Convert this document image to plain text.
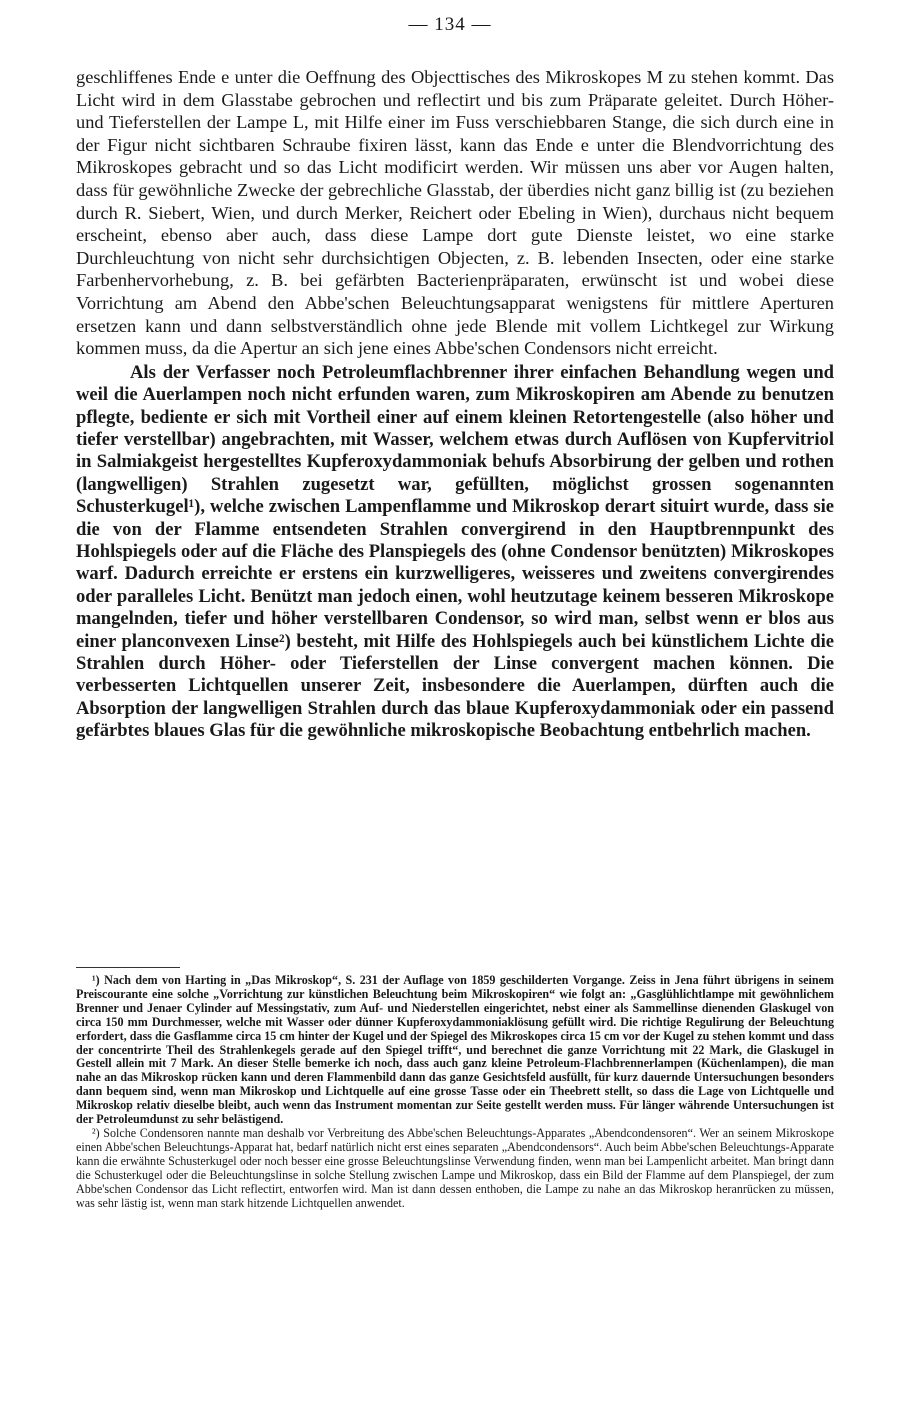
— 134 —

geschliffenes Ende e unter die Oeffnung des Objecttisches des Mikroskopes M zu stehen kommt. Das Licht wird in dem Glasstabe gebrochen und reflectirt und bis zum Präparate geleitet. Durch Höher- und Tieferstellen der Lampe L, mit Hilfe einer im Fuss verschiebbaren Stange, die sich durch eine in der Figur nicht sichtbaren Schraube fixiren lässt, kann das Ende e unter die Blendvorrichtung des Mikroskopes gebracht und so das Licht modificirt werden. Wir müssen uns aber vor Augen halten, dass für gewöhnliche Zwecke der gebrechliche Glasstab, der überdies nicht ganz billig ist (zu beziehen durch R. Siebert, Wien, und durch Merker, Reichert oder Ebeling in Wien), durchaus nicht bequem erscheint, ebenso aber auch, dass diese Lampe dort gute Dienste leistet, wo eine starke Durchleuchtung von nicht sehr durchsichtigen Objecten, z. B. lebenden Insecten, oder eine starke Farbenhervorhebung, z. B. bei gefärbten Bacterienpräparaten, erwünscht ist und wobei diese Vorrichtung am Abend den Abbe'schen Beleuchtungsapparat wenigstens für mittlere Aperturen ersetzen kann und dann selbstverständlich ohne jede Blende mit vollem Lichtkegel zur Wirkung kommen muss, da die Apertur an sich jene eines Abbe'schen Condensors nicht erreicht.

Als der Verfasser noch Petroleumflachbrenner ihrer einfachen Behandlung wegen und weil die Auerlampen noch nicht erfunden waren, zum Mikroskopiren am Abende zu benutzen pflegte, bediente er sich mit Vortheil einer auf einem kleinen Retortengestelle (also höher und tiefer verstellbar) angebrachten, mit Wasser, welchem etwas durch Auflösen von Kupfervitriol in Salmiakgeist hergestelltes Kupferoxydammoniak behufs Absorbirung der gelben und rothen (langwelligen) Strahlen zugesetzt war, gefüllten, möglichst grossen sogenannten Schusterkugel¹), welche zwischen Lampenflamme und Mikroskop derart situirt wurde, dass sie die von der Flamme entsendeten Strahlen convergirend in den Hauptbrennpunkt des Hohlspiegels oder auf die Fläche des Planspiegels des (ohne Condensor benützten) Mikroskopes warf. Dadurch erreichte er erstens ein kurzwelligeres, weisseres und zweitens convergirendes oder paralleles Licht. Benützt man jedoch einen, wohl heutzutage keinem besseren Mikroskope mangelnden, tiefer und höher verstellbaren Condensor, so wird man, selbst wenn er blos aus einer planconvexen Linse²) besteht, mit Hilfe des Hohlspiegels auch bei künstlichem Lichte die Strahlen durch Höher- oder Tieferstellen der Linse convergent machen können. Die verbesserten Lichtquellen unserer Zeit, insbesondere die Auerlampen, dürften auch die Absorption der langwelligen Strahlen durch das blaue Kupferoxydammoniak oder ein passend gefärbtes blaues Glas für die gewöhnliche mikroskopische Beobachtung entbehrlich machen.

¹) Nach dem von Harting in „Das Mikroskop“, S. 231 der Auflage von 1859 geschilderten Vorgange. Zeiss in Jena führt übrigens in seinem Preiscourante eine solche „Vorrichtung zur künstlichen Beleuchtung beim Mikroskopiren“ wie folgt an: „Gasglühlichtlampe mit gewöhnlichem Brenner und Jenaer Cylinder auf Messingstativ, zum Auf- und Niederstellen eingerichtet, nebst einer als Sammellinse dienenden Glaskugel von circa 150 mm Durchmesser, welche mit Wasser oder dünner Kupferoxydammoniaklösung gefüllt wird. Die richtige Regulirung der Beleuchtung erfordert, dass die Gasflamme circa 15 cm hinter der Kugel und der Spiegel des Mikroskopes circa 15 cm vor der Kugel zu stehen kommt und dass der concentrirte Theil des Strahlenkegels gerade auf den Spiegel trifft“, und berechnet die ganze Vorrichtung mit 22 Mark, die Glaskugel in Gestell allein mit 7 Mark. An dieser Stelle bemerke ich noch, dass auch ganz kleine Petroleum-Flachbrennerlampen (Küchenlampen), die man nahe an das Mikroskop rücken kann und deren Flammenbild dann das ganze Gesichtsfeld ausfüllt, für kurz dauernde Untersuchungen besonders dann bequem sind, wenn man Mikroskop und Lichtquelle auf eine grosse Tasse oder ein Theebrett stellt, so dass die Lage von Lichtquelle und Mikroskop relativ dieselbe bleibt, auch wenn das Instrument momentan zur Seite gestellt werden muss. Für länger währende Untersuchungen ist der Petroleumdunst zu sehr belästigend.

²) Solche Condensoren nannte man deshalb vor Verbreitung des Abbe'schen Beleuchtungs-Apparates „Abendcondensoren“. Wer an seinem Mikroskope einen Abbe'schen Beleuchtungs-Apparat hat, bedarf natürlich nicht erst eines separaten „Abendcondensors“. Auch beim Abbe'schen Beleuchtungs-Apparate kann die erwähnte Schusterkugel oder noch besser eine grosse Beleuchtungslinse Verwendung finden, wenn man bei Lampenlicht arbeitet. Man bringt dann die Schusterkugel oder die Beleuchtungslinse in solche Stellung zwischen Lampe und Mikroskop, dass ein Bild der Flamme auf dem Planspiegel, der zum Abbe'schen Condensor das Licht reflectirt, entworfen wird. Man ist dann dessen enthoben, die Lampe zu nahe an das Mikroskop heranrücken zu müssen, was sehr lästig ist, wenn man stark hitzende Lichtquellen anwendet.
